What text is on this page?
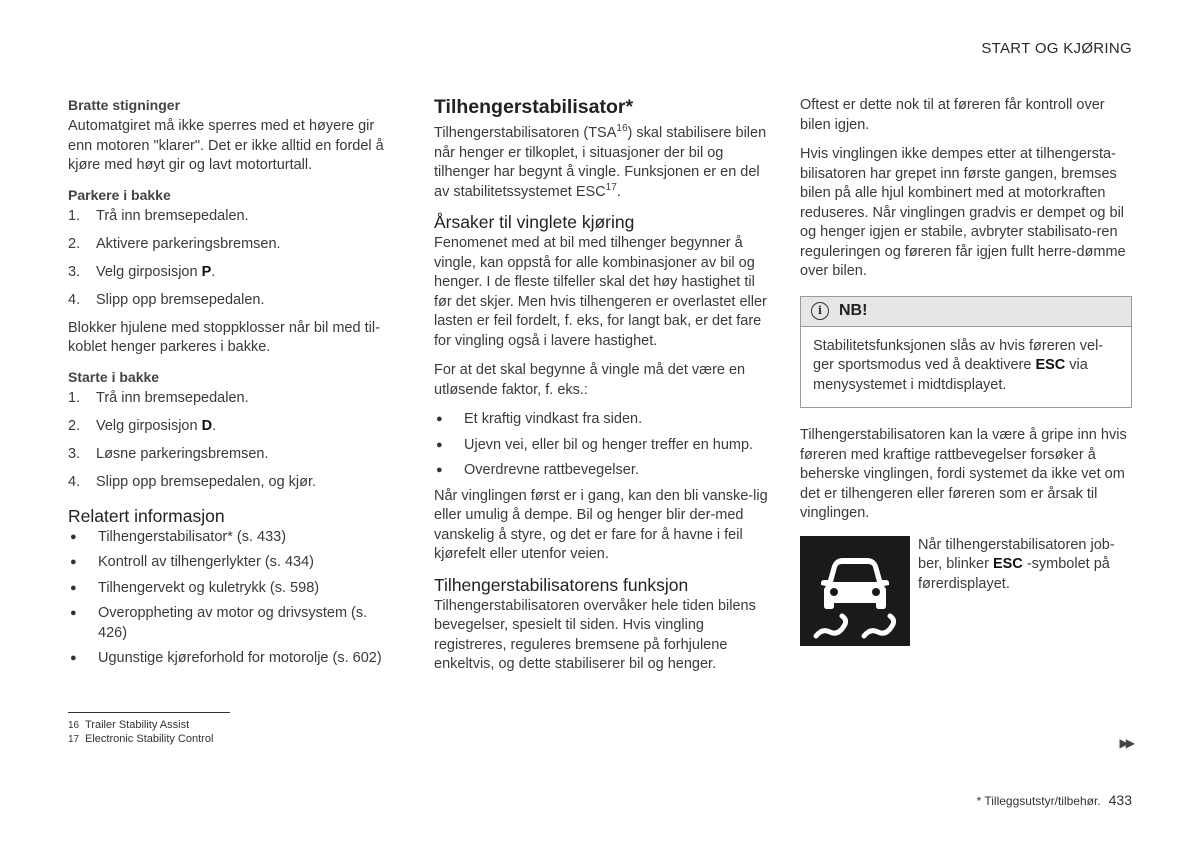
START OG KJØRING
Bratte stigninger

Automatgiret må ikke sperres med et høyere gir enn motoren "klarer". Det er ikke alltid en fordel å kjøre med høyt gir og lavt motorturtall.

Parkere i bakke
1.	Trå inn bremsepedalen.
2.	Aktivere parkeringsbremsen.
3.	Velg girposisjon P.
4.	Slipp opp bremsepedalen.

Blokker hjulene med stoppklosser når bil med til-koblet henger parkeres i bakke.

Starte i bakke
1.	Trå inn bremsepedalen.
2.	Velg girposisjon D.
3.	Løsne parkeringsbremsen.
4.	Slipp opp bremsepedalen, og kjør.
Relatert informasjon
●	Tilhengerstabilisator* (s. 433)
●	Kontroll av tilhengerlykter (s. 434)
●	Tilhengervekt og kuletrykk (s. 598)
●	Overoppheting av motor og drivsystem (s. 426)
●	Ugunstige kjøreforhold for motorolje (s. 602)
Tilhengerstabilisator*

Tilhengerstabilisatoren (TSA$^{16}$) skal stabilisere bilen når henger er tilkoplet, i situasjoner der bil og tilhenger har begynt å vingle. Funksjonen er en del av stabilitetssystemet ESC$^{17}$.

Årsaker til vinglete kjøring

Fenomenet med at bil med tilhenger begynner å vingle, kan oppstå for alle kombinasjoner av bil og henger. I de fleste tilfeller skal det høy hastighet til før det skjer. Men hvis tilhengeren er overlastet eller lasten er feil fordelt, f. eks, for langt bak, er det fare for vingling også i lavere hastighet.

For at det skal begynne å vingle må det være en utløsende faktor, f. eks.:

●	Et kraftig vindkast fra siden.
●	Ujevn vei, eller bil og henger treffer en hump.
●	Overdrevne rattbevegelser.

Når vinglingen først er i gang, kan den bli vanske-lig eller umulig å dempe. Bil og henger blir der-med vanskelig å styre, og det er fare for å havne i feil kjørefelt eller utenfor veien.

Tilhengerstabilisatorens funksjon

Tilhengerstabilisatoren overvåker hele tiden bilens bevegelser, spesielt til siden. Hvis vingling registreres, reguleres bremsene på forhjulene enkeltvis, og dette stabiliserer bil og henger.

Oftest er dette nok til at føreren får kontroll over bilen igjen.

Hvis vinglingen ikke dempes etter at tilhengersta-bilisatoren har grepet inn første gangen, bremses bilen på alle hjul kombinert med at motorkraften reduseres. Når vinglingen gradvis er dempet og bil og henger igjen er stabile, avbryter stabilisato-ren reguleringen og føreren får igjen fullt herre-dømme over bilen.

i	NB!

Stabilitetsfunksjonen slås av hvis føreren vel-ger sportsmodus ved å deaktivere ESC via menysystemet i midtdisplayet.

Tilhengerstabilisatoren kan la være å gripe inn hvis føreren med kraftige rattbevegelser forsøker å beherske vinglingen, fordi systemet da ikke vet om det er tilhengeren eller føreren som er årsak til vinglingen.

Når tilhengerstabilisatoren job-ber, blinker ESC -symbolet på førerdisplayet.

16 Trailer Stability Assist
17 Electronic Stability Control	▶▶
* Tilleggsutstyr/tilbehør. 433
